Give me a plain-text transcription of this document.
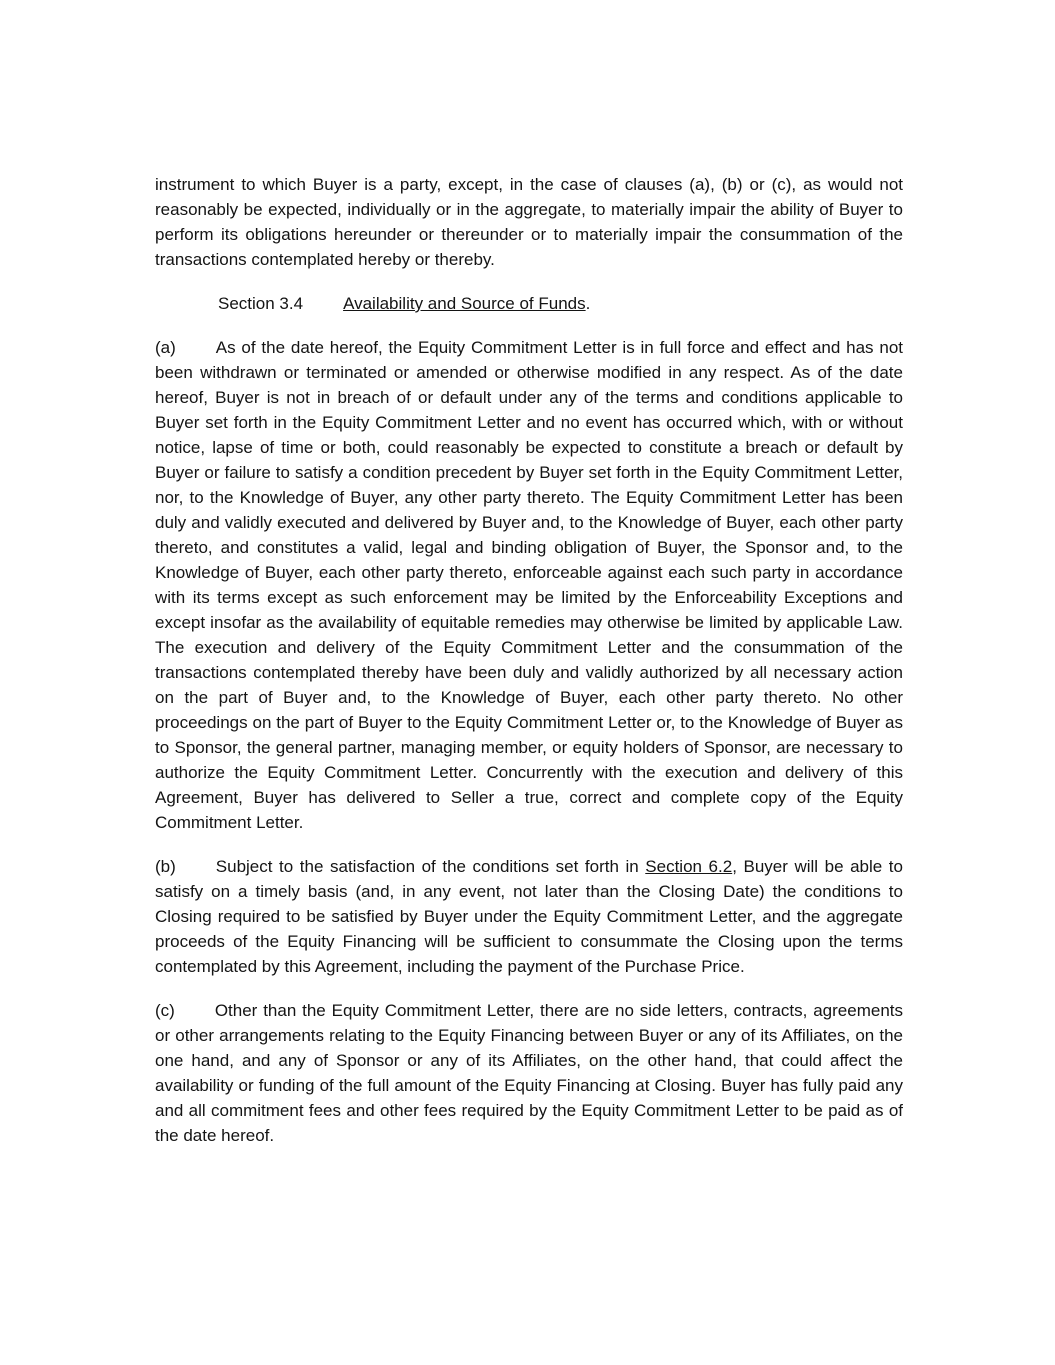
instrument to which Buyer is a party, except, in the case of clauses (a), (b) or (c), as would not reasonably be expected, individually or in the aggregate, to materially impair the ability of Buyer to perform its obligations hereunder or thereunder or to materially impair the consummation of the transactions contemplated hereby or thereby.

Section 3.4 Availability and Source of Funds.

(a) As of the date hereof, the Equity Commitment Letter is in full force and effect and has not been withdrawn or terminated or amended or otherwise modified in any respect. As of the date hereof, Buyer is not in breach of or default under any of the terms and conditions applicable to Buyer set forth in the Equity Commitment Letter and no event has occurred which, with or without notice, lapse of time or both, could reasonably be expected to constitute a breach or default by Buyer or failure to satisfy a condition precedent by Buyer set forth in the Equity Commitment Letter, nor, to the Knowledge of Buyer, any other party thereto. The Equity Commitment Letter has been duly and validly executed and delivered by Buyer and, to the Knowledge of Buyer, each other party thereto, and constitutes a valid, legal and binding obligation of Buyer, the Sponsor and, to the Knowledge of Buyer, each other party thereto, enforceable against each such party in accordance with its terms except as such enforcement may be limited by the Enforceability Exceptions and except insofar as the availability of equitable remedies may otherwise be limited by applicable Law. The execution and delivery of the Equity Commitment Letter and the consummation of the transactions contemplated thereby have been duly and validly authorized by all necessary action on the part of Buyer and, to the Knowledge of Buyer, each other party thereto. No other proceedings on the part of Buyer to the Equity Commitment Letter or, to the Knowledge of Buyer as to Sponsor, the general partner, managing member, or equity holders of Sponsor, are necessary to authorize the Equity Commitment Letter. Concurrently with the execution and delivery of this Agreement, Buyer has delivered to Seller a true, correct and complete copy of the Equity Commitment Letter.

(b) Subject to the satisfaction of the conditions set forth in Section 6.2, Buyer will be able to satisfy on a timely basis (and, in any event, not later than the Closing Date) the conditions to Closing required to be satisfied by Buyer under the Equity Commitment Letter, and the aggregate proceeds of the Equity Financing will be sufficient to consummate the Closing upon the terms contemplated by this Agreement, including the payment of the Purchase Price.

(c) Other than the Equity Commitment Letter, there are no side letters, contracts, agreements or other arrangements relating to the Equity Financing between Buyer or any of its Affiliates, on the one hand, and any of Sponsor or any of its Affiliates, on the other hand, that could affect the availability or funding of the full amount of the Equity Financing at Closing. Buyer has fully paid any and all commitment fees and other fees required by the Equity Commitment Letter to be paid as of the date hereof.
